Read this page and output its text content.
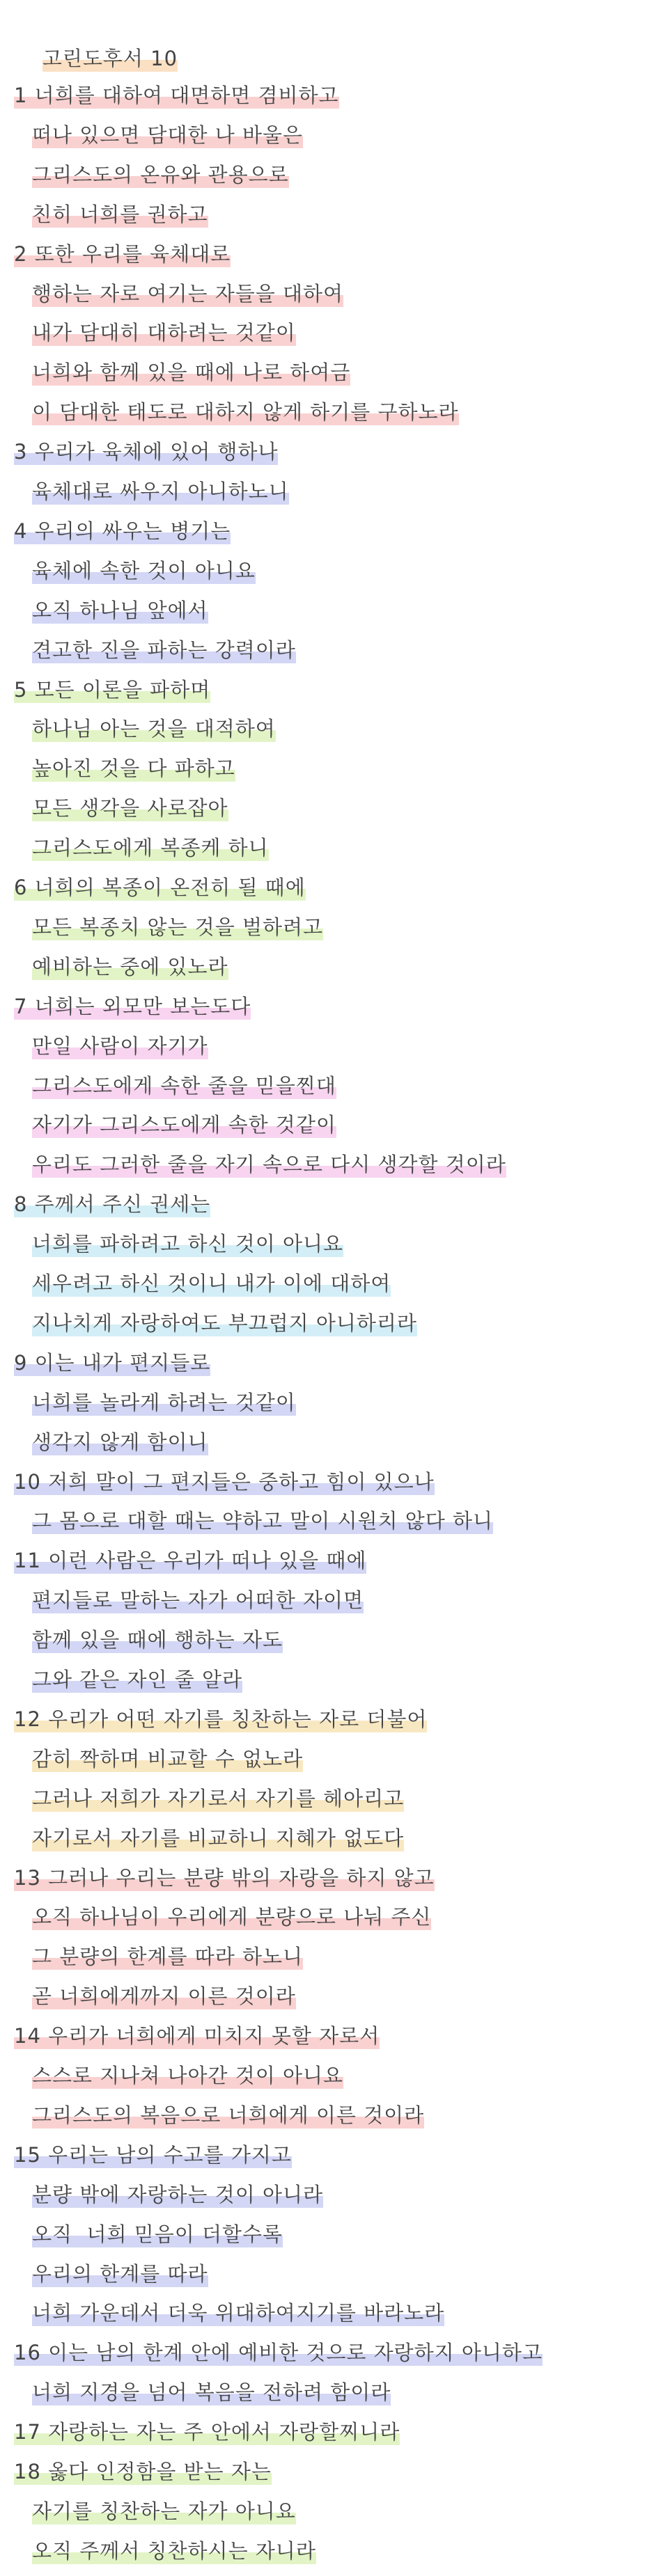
고린도후서 10

1 너희를 대하여 대면하면 겸비하고
떠나 있으면 담대한 나 바울은
그리스도의 온유와 관용으로
친히 너희를 권하고
2 또한 우리를 육체대로
행하는 자로 여기는 자들을 대하여
내가 담대히 대하려는 것같이
너희와 함께 있을 때에 나로 하여금
이 담대한 태도로 대하지 않게 하기를 구하노라
3 우리가 육체에 있어 행하나
육체대로 싸우지 아니하노니
4 우리의 싸우는 병기는
육체에 속한 것이 아니요
오직 하나님 앞에서
견고한 진을 파하는 강력이라
5 모든 이론을 파하며
하나님 아는 것을 대적하여
높아진 것을 다 파하고
모든 생각을 사로잡아
그리스도에게 복종케 하니
6 너희의 복종이 온전히 될 때에
모든 복종치 않는 것을 벌하려고
예비하는 중에 있노라
7 너희는 외모만 보는도다
만일 사람이 자기가
그리스도에게 속한 줄을 믿을찐대
자기가 그리스도에게 속한 것같이
우리도 그러한 줄을 자기 속으로 다시 생각할 것이라
8 주께서 주신 권세는
너희를 파하려고 하신 것이 아니요
세우려고 하신 것이니 내가 이에 대하여
지나치게 자랑하여도 부끄럽지 아니하리라
9 이는 내가 편지들로
너희를 놀라게 하려는 것같이
생각지 않게 함이니
10 저희 말이 그 편지들은 중하고 힘이 있으나
그 몸으로 대할 때는 약하고 말이 시원치 않다 하니
11 이런 사람은 우리가 떠나 있을 때에
편지들로 말하는 자가 어떠한 자이면
함께 있을 때에 행하는 자도
그와 같은 자인 줄 알라
12 우리가 어떤 자기를 칭찬하는 자로 더불어
감히 짝하며 비교할 수 없노라
그러나 저희가 자기로서 자기를 헤아리고
자기로서 자기를 비교하니 지혜가 없도다
13 그러나 우리는 분량 밖의 자랑을 하지 않고
오직 하나님이 우리에게 분량으로 나눠 주신
그 분량의 한계를 따라 하노니
곧 너희에게까지 이른 것이라
14 우리가 너희에게 미치지 못할 자로서
스스로 지나쳐 나아간 것이 아니요
그리스도의 복음으로 너희에게 이른 것이라
15 우리는 남의 수고를 가지고
분량 밖에 자랑하는 것이 아니라
오직  너희 믿음이 더할수록
우리의 한계를 따라
너희 가운데서 더욱 위대하여지기를 바라노라
16 이는 남의 한계 안에 예비한 것으로 자랑하지 아니하고
너희 지경을 넘어 복음을 전하려 함이라
17 자랑하는 자는 주 안에서 자랑할찌니라
18 옳다 인정함을 받는 자는
자기를 칭찬하는 자가 아니요
오직 주께서 칭찬하시는 자니라
